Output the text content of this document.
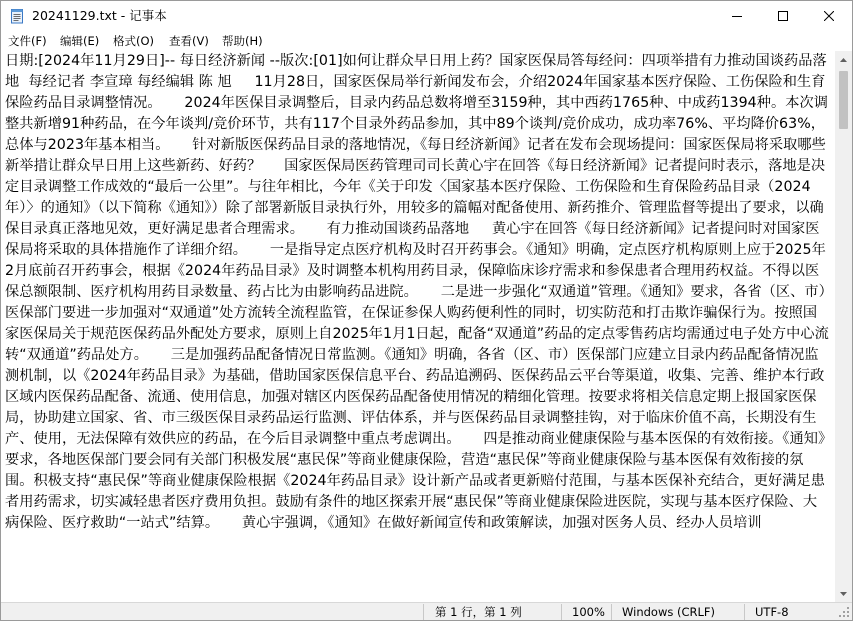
20241129.txt - 记事本
文件(F) 编辑(E) 格式(O) 查看(V) 帮助(H)
日期:[2024年11月29日]-- 每日经济新闻 --版次:[01]如何让群众早日用上药？国家医保局答每经问：四项举措有力推动国谈药品落地  每经记者 李宣璋 每经编辑 陈 旭     11月28日，国家医保局举行新闻发布会，介绍2024年国家基本医疗保险、工伤保险和生育保险药品目录调整情况。     2024年医保目录调整后，目录内药品总数将增至3159种，其中西药1765种、中成药1394种。本次调整共新增91种药品，在今年谈判/竞价环节，共有117个目录外药品参加，其中89个谈判/竞价成功，成功率76%、平均降价63%，总体与2023年基本相当。     针对新版医保药品目录的落地情况，《每日经济新闻》记者在发布会现场提问：国家医保局将采取哪些新举措让群众早日用上这些新药、好药？     国家医保局医药管理司司长黄心宇在回答《每日经济新闻》记者提问时表示，落地是决定目录调整工作成效的“最后一公里”。与往年相比，今年《关于印发〈国家基本医疗保险、工伤保险和生育保险药品目录（2024年）〉的通知》（以下简称《通知》）除了部署新版目录执行外，用较多的篇幅对配备使用、新药推介、管理监督等提出了要求，以确保目录真正落地见效，更好满足患者合理需求。     有力推动国谈药品落地     黄心宇在回答《每日经济新闻》记者提问时对国家医保局将采取的具体措施作了详细介绍。     一是指导定点医疗机构及时召开药事会。《通知》明确，定点医疗机构原则上应于2025年2月底前召开药事会，根据《2024年药品目录》及时调整本机构用药目录，保障临床诊疗需求和参保患者合理用药权益。不得以医保总额限制、医疗机构用药目录数量、药占比为由影响药品进院。     二是进一步强化“双通道”管理。《通知》要求，各省（区、市）医保部门要进一步加强对“双通道”处方流转全流程监管，在保证参保人购药便利性的同时，切实防范和打击欺诈骗保行为。按照国家医保局关于规范医保药品外配处方要求，原则上自2025年1月1日起，配备“双通道”药品的定点零售药店均需通过电子处方中心流转“双通道”药品处方。     三是加强药品配备情况日常监测。《通知》明确，各省（区、市）医保部门应建立目录内药品配备情况监测机制，以《2024年药品目录》为基础，借助国家医保信息平台、药品追溯码、医保药品云平台等渠道，收集、完善、维护本行政区域内医保药品配备、流通、使用信息，加强对辖区内医保药品配备使用情况的精细化管理。按要求将相关信息定期上报国家医保局，协助建立国家、省、市三级医保目录药品运行监测、评估体系，并与医保药品目录调整挂钩，对于临床价值不高，长期没有生产、使用，无法保障有效供应的药品，在今后目录调整中重点考虑调出。     四是推动商业健康保险与基本医保的有效衔接。《通知》要求，各地医保部门要会同有关部门积极发展“惠民保”等商业健康保险，营造“惠民保”等商业健康保险与基本医保有效衔接的氛围。积极支持“惠民保”等商业健康保险根据《2024年药品目录》设计新产品或者更新赔付范围，与基本医保补充结合，更好满足患者用药需求，切实减轻患者医疗费用负担。鼓励有条件的地区探索开展“惠民保”等商业健康保险进医院，实现与基本医疗保险、大病保险、医疗救助“一站式”结算。     黄心宇强调，《通知》在做好新闻宣传和政策解读，加强对医务人员、经办人员培训
第 1 行，第 1 列	100% Windows (CRLF)	UTF-8
